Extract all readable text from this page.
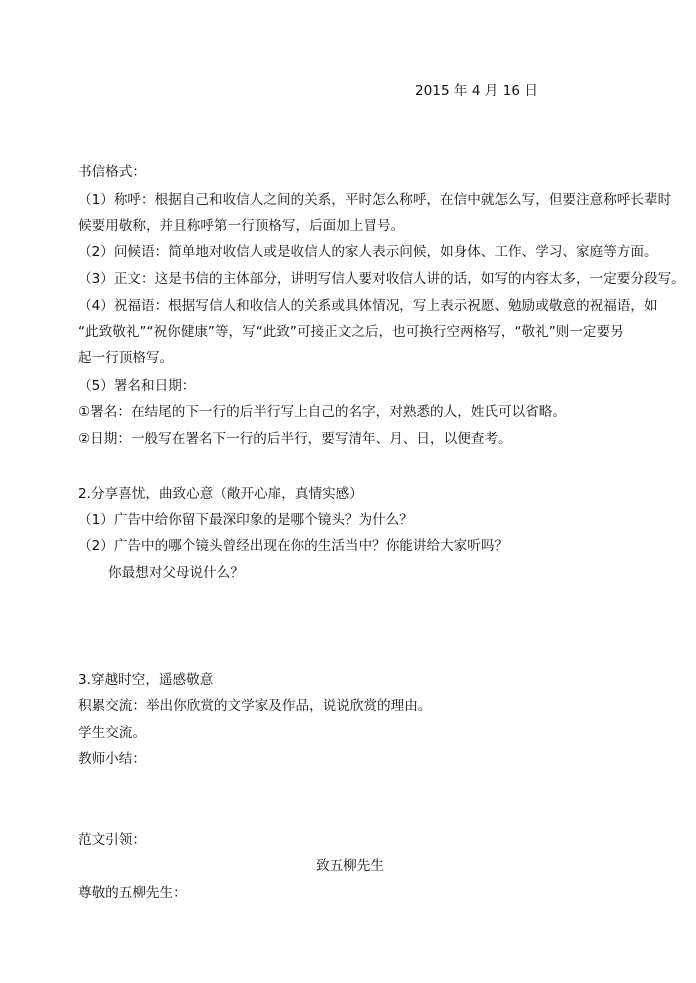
2015 年 4 月 16 日
书信格式：
（1）称呼：根据自己和收信人之间的关系，平时怎么称呼，在信中就怎么写，但要注意称呼长辈时
候要用敬称，并且称呼第一行顶格写，后面加上冒号。
（2）问候语：简单地对收信人或是收信人的家人表示问候，如身体、工作、学习、家庭等方面。
（3）正文：这是书信的主体部分，讲明写信人要对收信人讲的话，如写的内容太多，一定要分段写。
（4）祝福语：根据写信人和收信人的关系或具体情况，写上表示祝愿、勉励或敬意的祝福语，如
“此致敬礼”“祝你健康”等，写“此致”可接正文之后，也可换行空两格写，“敬礼”则一定要另
起一行顶格写。
（5）署名和日期：
①署名：在结尾的下一行的后半行写上自己的名字，对熟悉的人，姓氏可以省略。
②日期：一般写在署名下一行的后半行，要写清年、月、日，以便查考。
2.分享喜忧，曲致心意（敞开心扉，真情实感）
（1）广告中给你留下最深印象的是哪个镜头？为什么？
（2）广告中的哪个镜头曾经出现在你的生活当中？你能讲给大家听吗？
你最想对父母说什么？
3.穿越时空，遥感敬意
积累交流：举出你欣赏的文学家及作品，说说欣赏的理由。
学生交流。
教师小结：
范文引领：
致五柳先生
尊敬的五柳先生：
